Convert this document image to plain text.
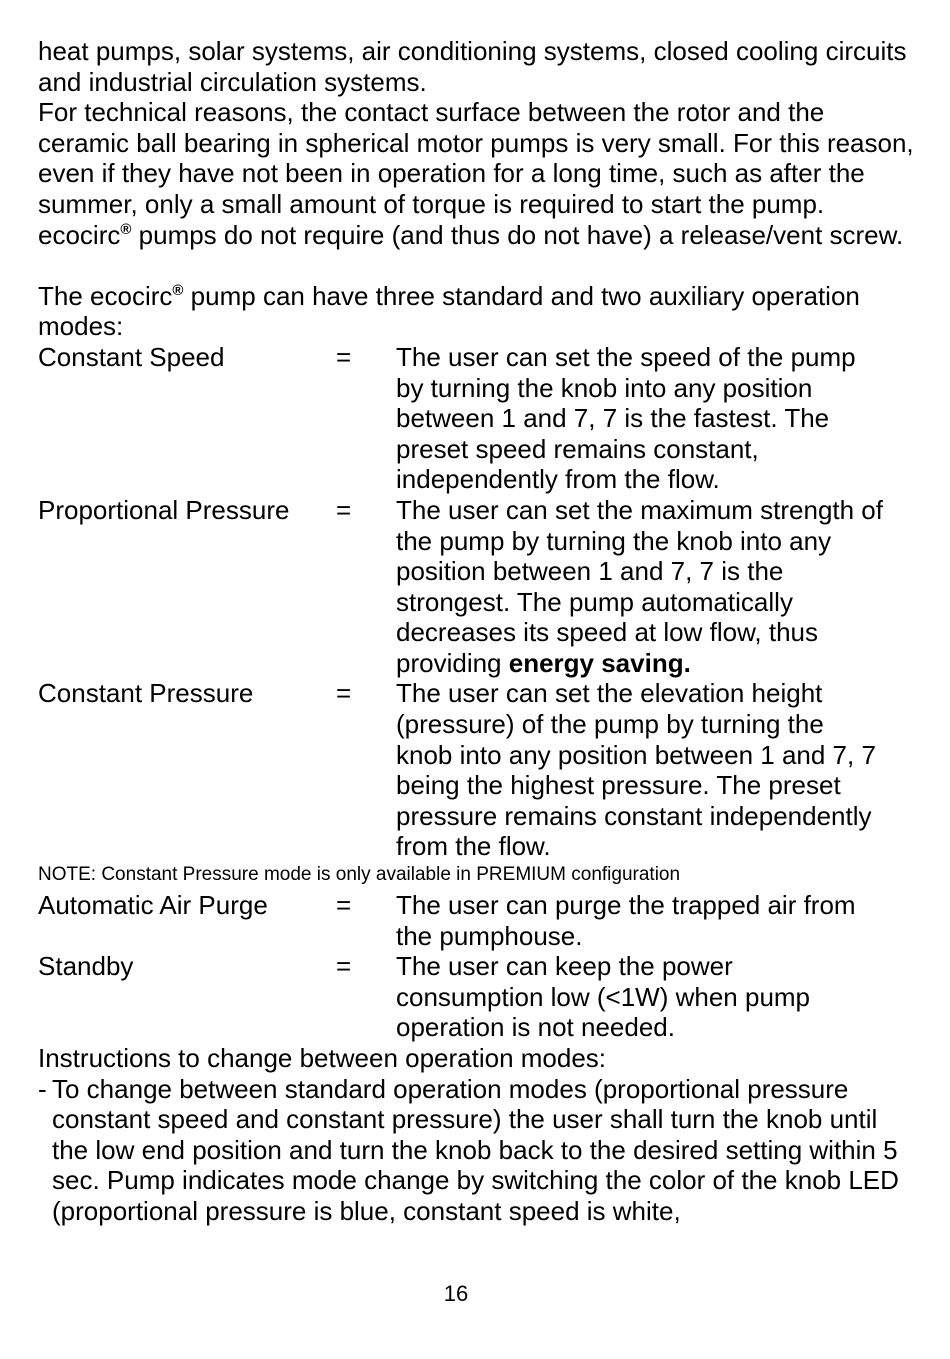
heat pumps, solar systems, air conditioning systems, closed cooling circuits and industrial circulation systems.

For technical reasons, the contact surface between the rotor and the ceramic ball bearing in spherical motor pumps is very small. For this reason, even if they have not been in operation for a long time, such as after the summer, only a small amount of torque is required to start the pump. ecocirc® pumps do not require (and thus do not have) a release/vent screw.

The ecocirc® pump can have three standard and two auxiliary operation modes:

Constant Speed	=	The user can set the speed of the pump by turning the knob into any position between 1 and 7, 7 is the fastest. The preset speed remains constant, independently from the flow.
Proportional Pressure	=	The user can set the maximum strength of the pump by turning the knob into any position between 1 and 7, 7 is the strongest. The pump automatically decreases its speed at low flow, thus providing energy saving.
Constant Pressure	=	The user can set the elevation height (pressure) of the pump by turning the knob into any position between 1 and 7, 7 being the highest pressure. The preset pressure remains constant independently from the flow.

NOTE: Constant Pressure mode is only available in PREMIUM configuration

Automatic Air Purge	=	The user can purge the trapped air from the pumphouse.
Standby	=	The user can keep the power consumption low (<1W) when pump operation is not needed.

Instructions to change between operation modes:

- To change between standard operation modes (proportional pressure constant speed and constant pressure) the user shall turn the knob until the low end position and turn the knob back to the desired setting within 5 sec. Pump indicates mode change by switching the color of the knob LED (proportional pressure is blue, constant speed is white,
16
